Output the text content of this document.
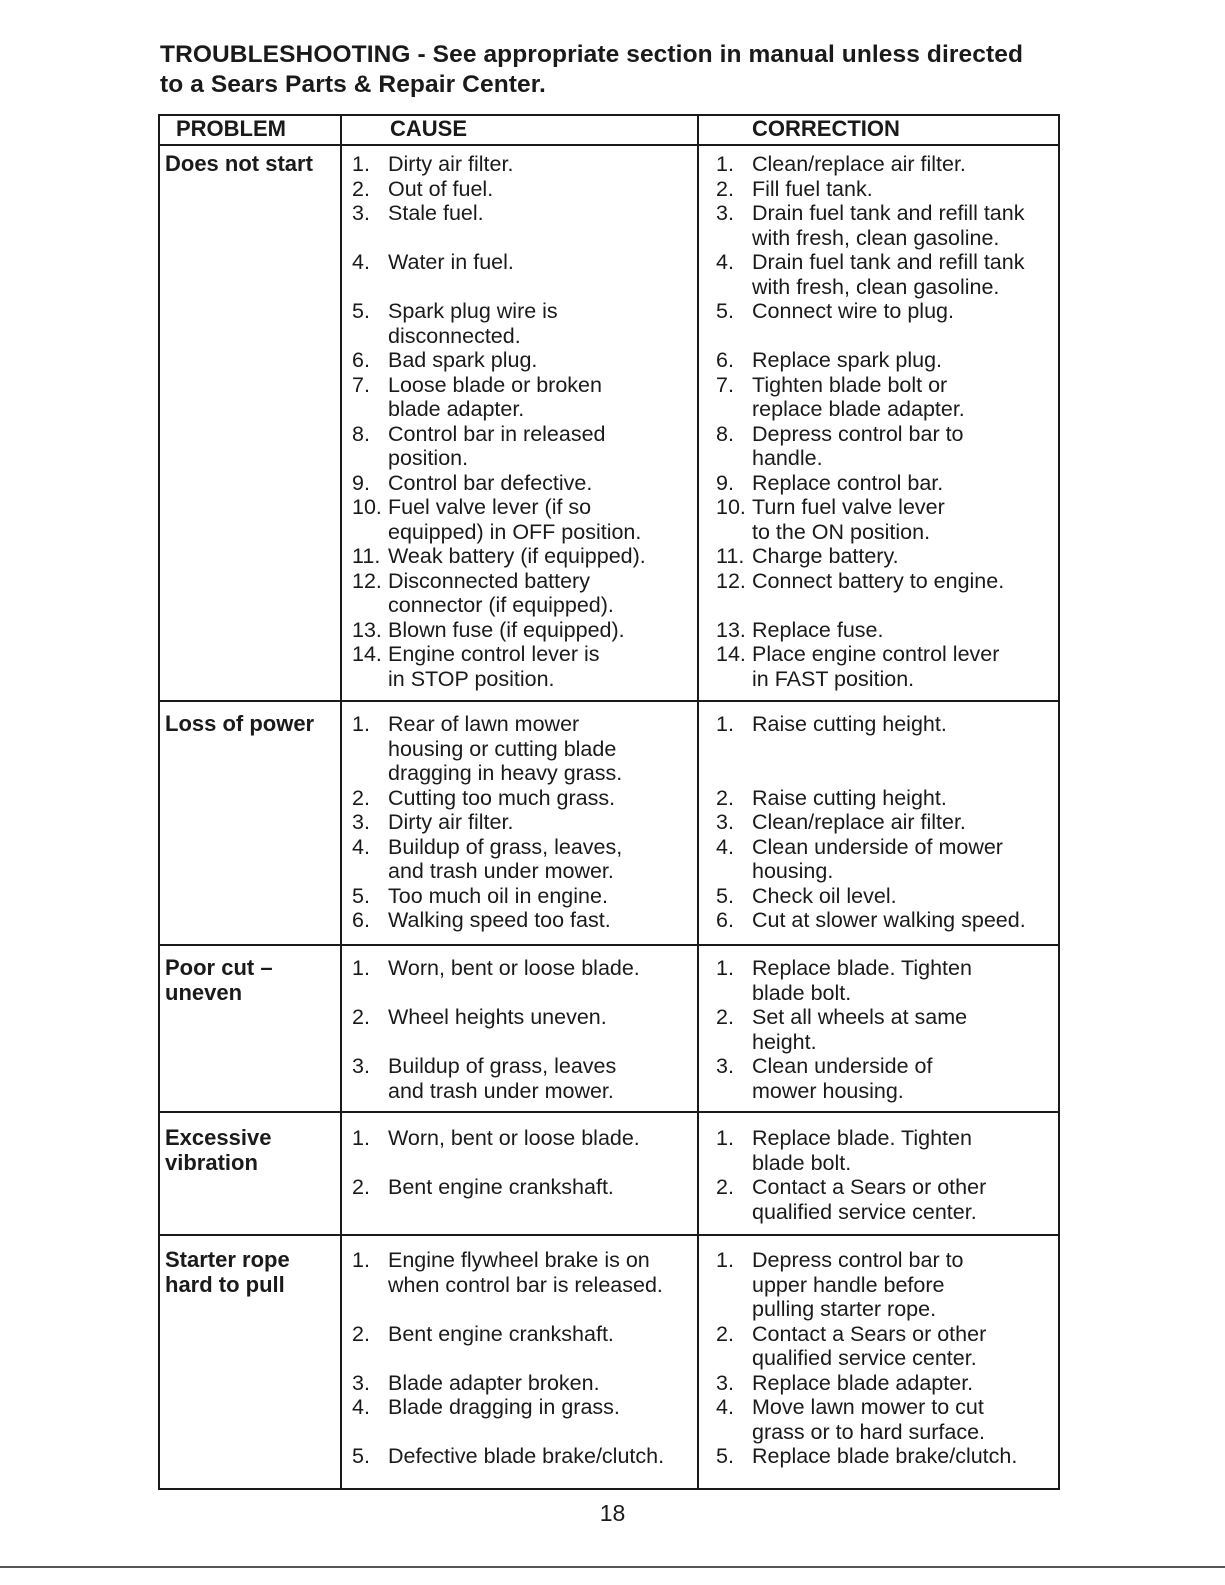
TROUBLESHOOTING - See appropriate section in manual unless directed
to a Sears Parts & Repair Center.
PROBLEM	CAUSE	CORRECTION
Does not start 1. Dirty air filter.
2. Out of fuel.
3. Stale fuel.
4. Water in fuel.
5. Spark plug wire is
disconnected.
6. Bad spark plug.
7. Loose blade or broken
blade adapter.
8. Control bar in released
position.
9. Control bar defective.
10. Fuel valve lever (if so
equipped) in OFF position.
11. Weak battery (if equipped).
12. Disconnected battery
connector (if equipped).
13. Blown fuse (if equipped).
14. Engine control lever is
in STOP position.
1. Clean/replace air filter.
2. Fill fuel tank.
3. Drain fuel tank and refill tank
with fresh, clean gasoline.
4. Drain fuel tank and refill tank
with fresh, clean gasoline.
5. Connect wire to plug.
6. Replace spark plug.
7. Tighten blade bolt or
replace blade adapter.
8. Depress control bar to
handle.
9. Replace control bar.
10. Turn fuel valve lever
to the ON position.
11. Charge battery.
12. Connect battery to engine.
13. Replace fuse.
14. Place engine control lever
in FAST position.
Loss of power 1. Rear of lawn mower
housing or cutting blade
dragging in heavy grass.
2. Cutting too much grass.
3. Dirty air filter.
4. Buildup of grass, leaves,
and trash under mower.
5. Too much oil in engine.
6. Walking speed too fast.
1. Raise cutting height.
2. Raise cutting height.
3. Clean/replace air filter.
4. Clean underside of mower
housing.
5. Check oil level.
6. Cut at slower walking speed.
Poor cut –
uneven
1. Worn, bent or loose blade.
2. Wheel heights uneven.
3. Buildup of grass, leaves
and trash under mower.
1. Replace blade. Tighten
blade bolt.
2. Set all wheels at same
height.
3. Clean underside of
mower housing.
Excessive
vibration
1. Worn, bent or loose blade.
2. Bent engine crankshaft.
1. Replace blade. Tighten
blade bolt.
2. Contact a Sears or other
qualified service center.
Starter rope
hard to pull
1. Engine flywheel brake is on
when control bar is released.
2. Bent engine crankshaft.
3. Blade adapter broken.
4. Blade dragging in grass.
5. Defective blade brake/clutch.
1. Depress control bar to
upper handle before
pulling starter rope.
2. Contact a Sears or other
qualified service center.
3. Replace blade adapter.
4. Move lawn mower to cut
grass or to hard surface.
5. Replace blade brake/clutch.
18
